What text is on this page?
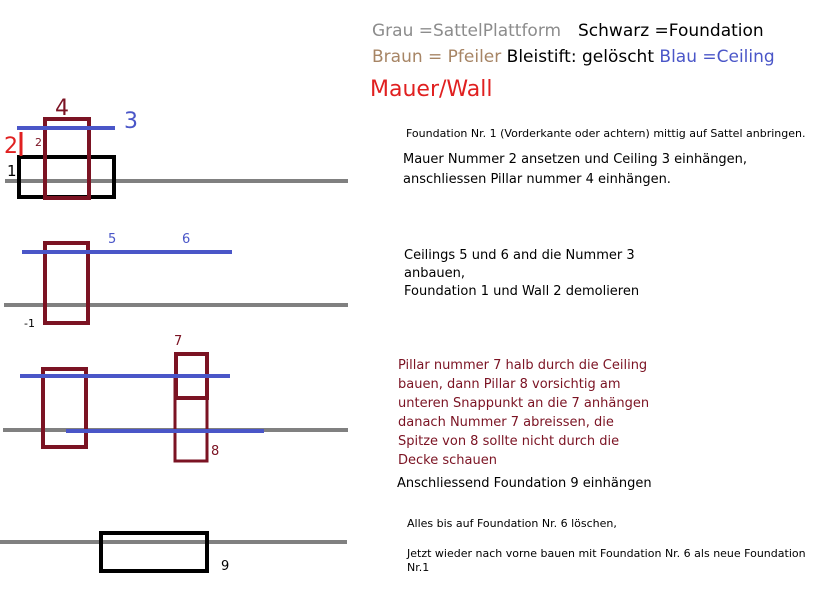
1
2 2
3
4
5	6
-1
7
8
9
Grau =SattelPlattform Schwarz =Foundation
Braun = Pfeiler Bleistift: gelöscht Blau =Ceiling
Mauer/Wall
Foundation Nr. 1 (Vorderkante oder achtern) mittig auf Sattel anbringen.
Mauer Nummer 2 ansetzen und Ceiling 3 einhängen,
anschliessen Pillar nummer 4 einhängen.
Ceilings 5 und 6 and die Nummer 3
anbauen,
Foundation 1 und Wall 2 demolieren
Pillar nummer 7 halb durch die Ceiling
bauen, dann Pillar 8 vorsichtig am
unteren Snappunkt an die 7 anhängen
danach Nummer 7 abreissen, die
Spitze von 8 sollte nicht durch die
Decke schauen
Anschliessend Foundation 9 einhängen
Alles bis auf Foundation Nr. 6 löschen,
Jetzt wieder nach vorne bauen mit Foundation Nr. 6 als neue Foundation
Nr.1
